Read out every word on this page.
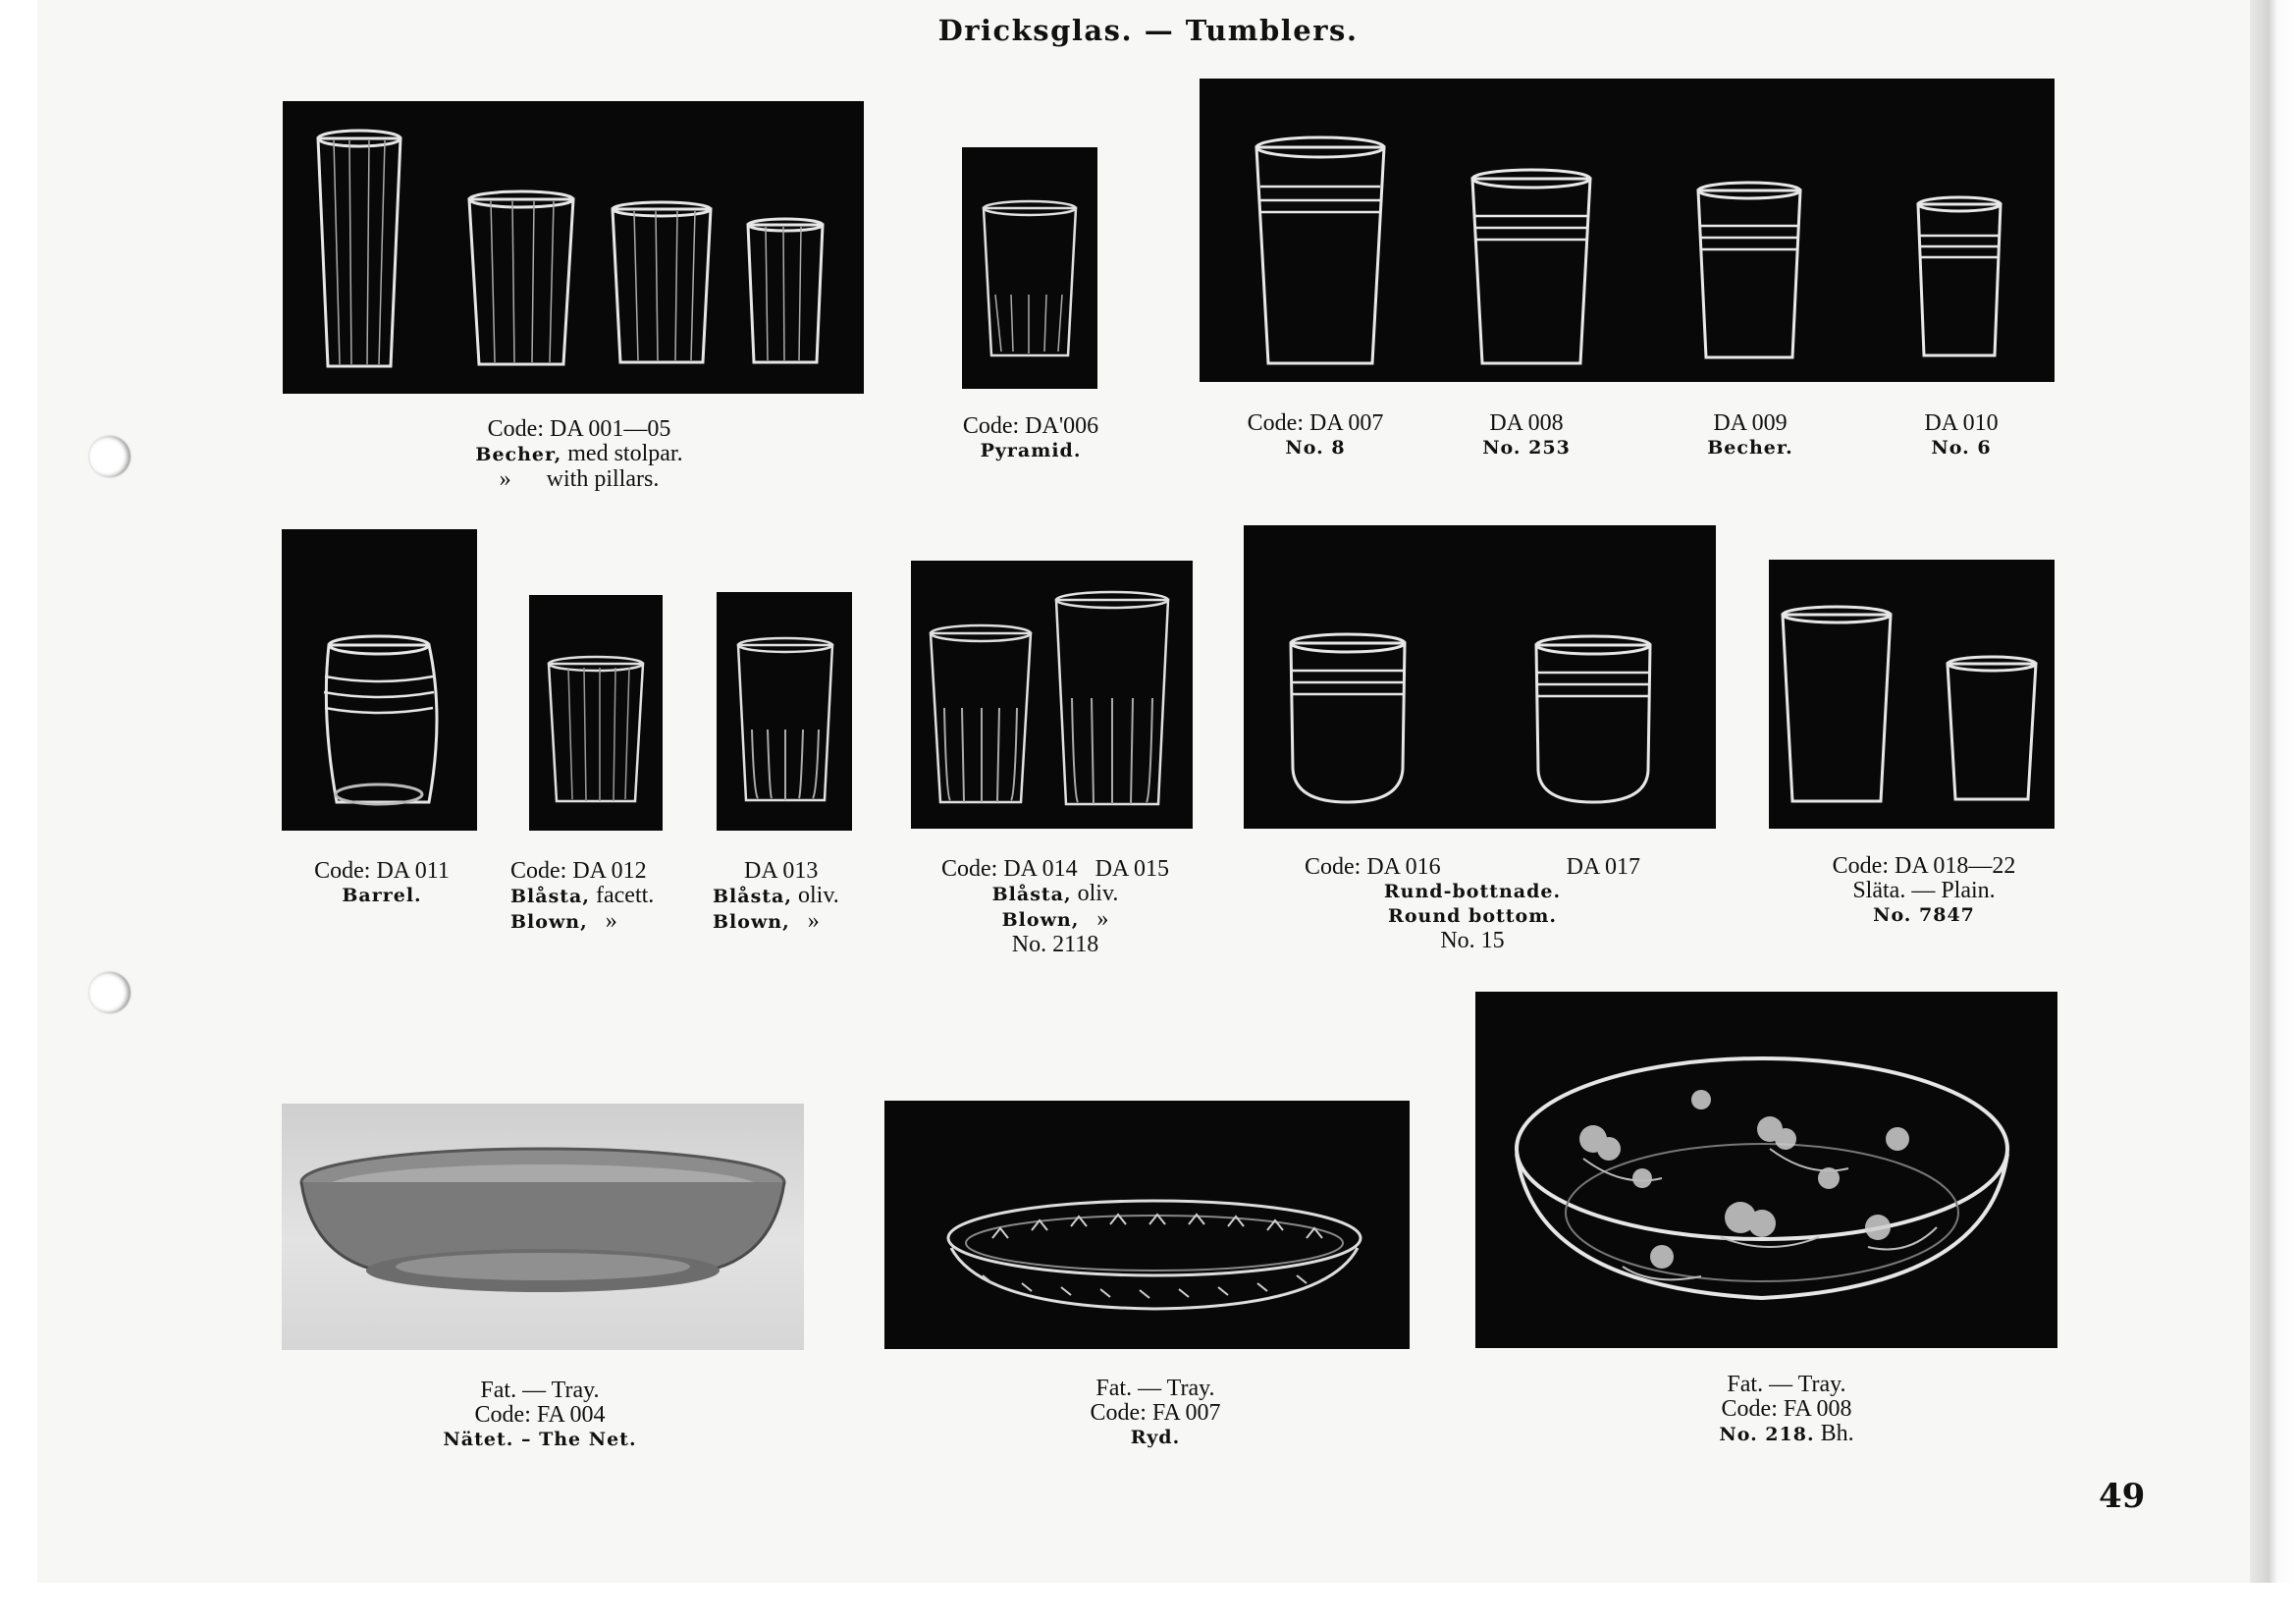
Dricksglas. — Tumblers.
Code: DA 001—05
Becher, med stolpar.
»      with pillars.
Code: DA'006
Pyramid.
Code: DA 007
No. 8
DA 008
No. 253
DA 009
Becher.
DA 010
No. 6
Code: DA 011
Barrel.
Code: DA 012
Blåsta, facett.
Blown, »
DA 013
Blåsta, oliv.
Blown, »
Code: DA 014   DA 015
Blåsta, oliv.
Blown, »
No. 2118
Code: DA 016	DA 017
Rund-bottnade.
Round bottom.
No. 15
Code: DA 018—22
Släta. — Plain.
No. 7847
Fat. — Tray.
Code: FA 004
Nätet. – The Net.
Fat. — Tray.
Code: FA 007
Ryd.
Fat. — Tray.
Code: FA 008
No. 218. Bh.
49
